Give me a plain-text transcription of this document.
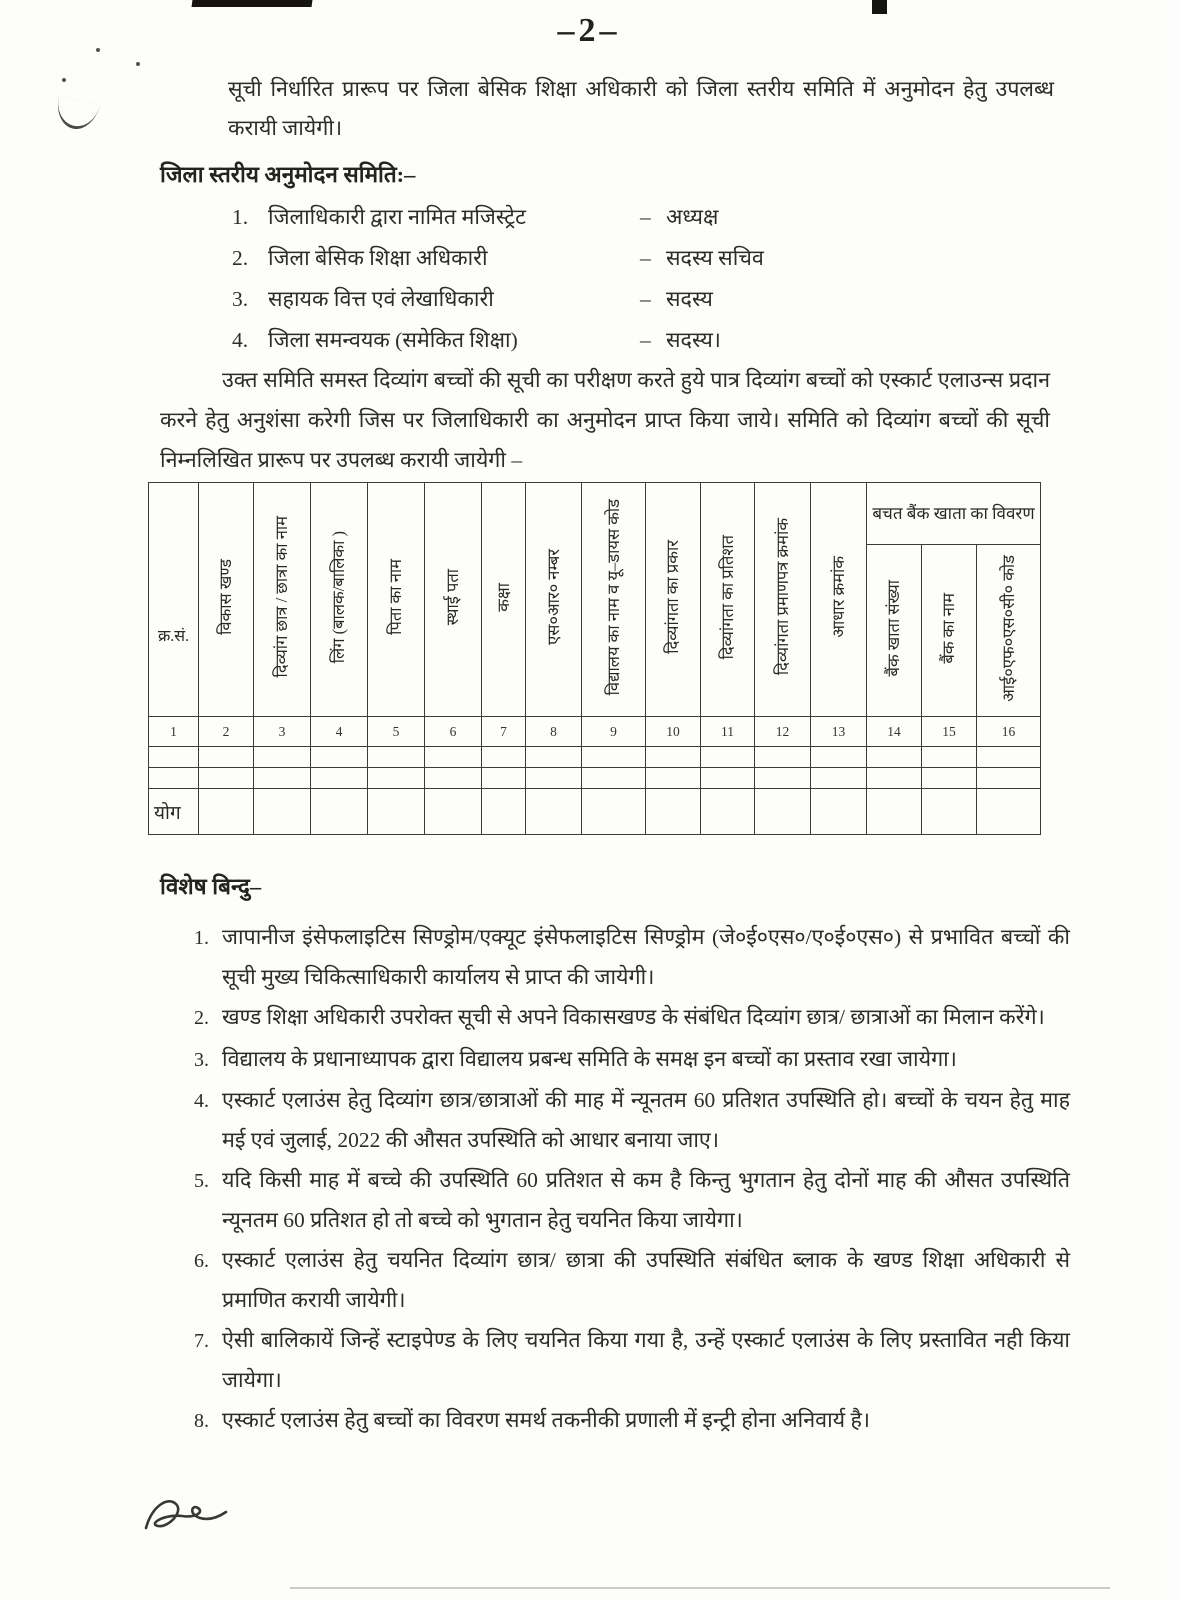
–2–
सूची निर्धारित प्रारूप पर जिला बेसिक शिक्षा अधिकारी को जिला स्तरीय समिति में अनुमोदन हेतु उपलब्ध करायी जायेगी।
जिला स्तरीय अनुमोदन समिति:–
1. जिलाधिकारी द्वारा नामित मजिस्ट्रेट	– अध्यक्ष
2. जिला बेसिक शिक्षा अधिकारी	– सदस्य सचिव
3. सहायक वित्त एवं लेखाधिकारी	– सदस्य
4. जिला समन्वयक (समेकित शिक्षा)	– सदस्य।
उक्त समिति समस्त दिव्यांग बच्चों की सूची का परीक्षण करते हुये पात्र दिव्यांग बच्चों को एस्कार्ट एलाउन्स प्रदान करने हेतु अनुशंसा करेगी जिस पर जिलाधिकारी का अनुमोदन प्राप्त किया जाये। समिति को दिव्यांग बच्चों की सूची निम्नलिखित प्रारूप पर उपलब्ध करायी जायेगी –
क्र.सं.	विकास खण्ड	दिव्यांग छात्र / छात्रा का नाम	लिंग (बालक/बालिका )	पिता का नाम	स्थाई पता	कक्षा	एस०आर० नम्बर	विद्यालय का नाम व यू–डायस कोड	दिव्यांगता का प्रकार	दिव्यांगता का प्रतिशत	दिव्यांगता प्रमाणपत्र क्रमांक	आधार क्रमांक	बचत बैंक खाता का विवरण		
													बैंक खाता संख्या	बैंक का नाम	आई०एफ०एस०सी० कोड
1	2	3	4	5	6	7	8	9	10	11	12	13	14	15	16

योग															
विशेष बिन्दु–
1. जापानीज इंसेफलाइटिस सिण्ड्रोम/एक्यूट इंसेफलाइटिस सिण्ड्रोम (जे०ई०एस०/ए०ई०एस०) से प्रभावित बच्चों की सूची मुख्य चिकित्साधिकारी कार्यालय से प्राप्त की जायेगी।
2. खण्ड शिक्षा अधिकारी उपरोक्त सूची से अपने विकासखण्ड के संबंधित दिव्यांग छात्र/ छात्राओं का मिलान करेंगे।
3. विद्यालय के प्रधानाध्यापक द्वारा विद्यालय प्रबन्ध समिति के समक्ष इन बच्चों का प्रस्ताव रखा जायेगा।
4. एस्कार्ट एलाउंस हेतु दिव्यांग छात्र/छात्राओं की माह में न्यूनतम 60 प्रतिशत उपस्थिति हो। बच्चों के चयन हेतु माह मई एवं जुलाई, 2022 की औसत उपस्थिति को आधार बनाया जाए।
5. यदि किसी माह में बच्चे की उपस्थिति 60 प्रतिशत से कम है किन्तु भुगतान हेतु दोनों माह की औसत उपस्थिति न्यूनतम 60 प्रतिशत हो तो बच्चे को भुगतान हेतु चयनित किया जायेगा।
6. एस्कार्ट एलाउंस हेतु चयनित दिव्यांग छात्र/ छात्रा की उपस्थिति संबंधित ब्लाक के खण्ड शिक्षा अधिकारी से प्रमाणित करायी जायेगी।
7. ऐसी बालिकायें जिन्हें स्टाइपेण्ड के लिए चयनित किया गया है, उन्हें एस्कार्ट एलाउंस के लिए प्रस्तावित नही किया जायेगा।
8. एस्कार्ट एलाउंस हेतु बच्चों का विवरण समर्थ तकनीकी प्रणाली में इन्ट्री होना अनिवार्य है।
